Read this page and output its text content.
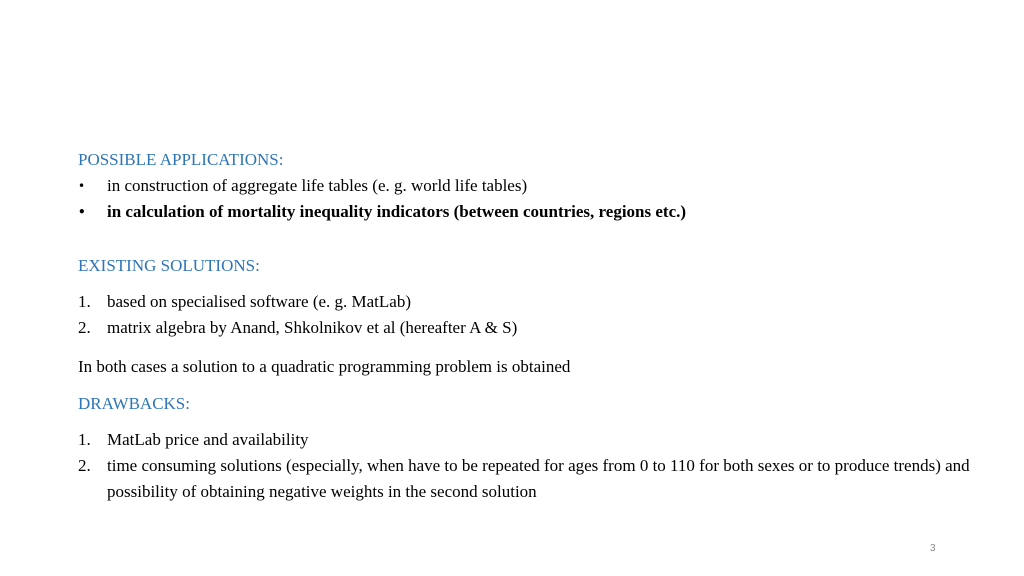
POSSIBLE APPLICATIONS:
•	in construction of aggregate life tables (e. g. world life tables)
•	in calculation of mortality inequality indicators (between countries, regions etc.)
EXISTING SOLUTIONS:
1. based on specialised software (e. g. MatLab)
2. matrix algebra by Anand, Shkolnikov et al (hereafter A & S)
In both cases a solution to a quadratic programming problem is obtained
DRAWBACKS:
1. MatLab price and availability
2. time consuming solutions (especially, when have to be repeated for ages from 0 to 110 for both sexes or to produce trends) and possibility of obtaining negative weights in the second solution
3
